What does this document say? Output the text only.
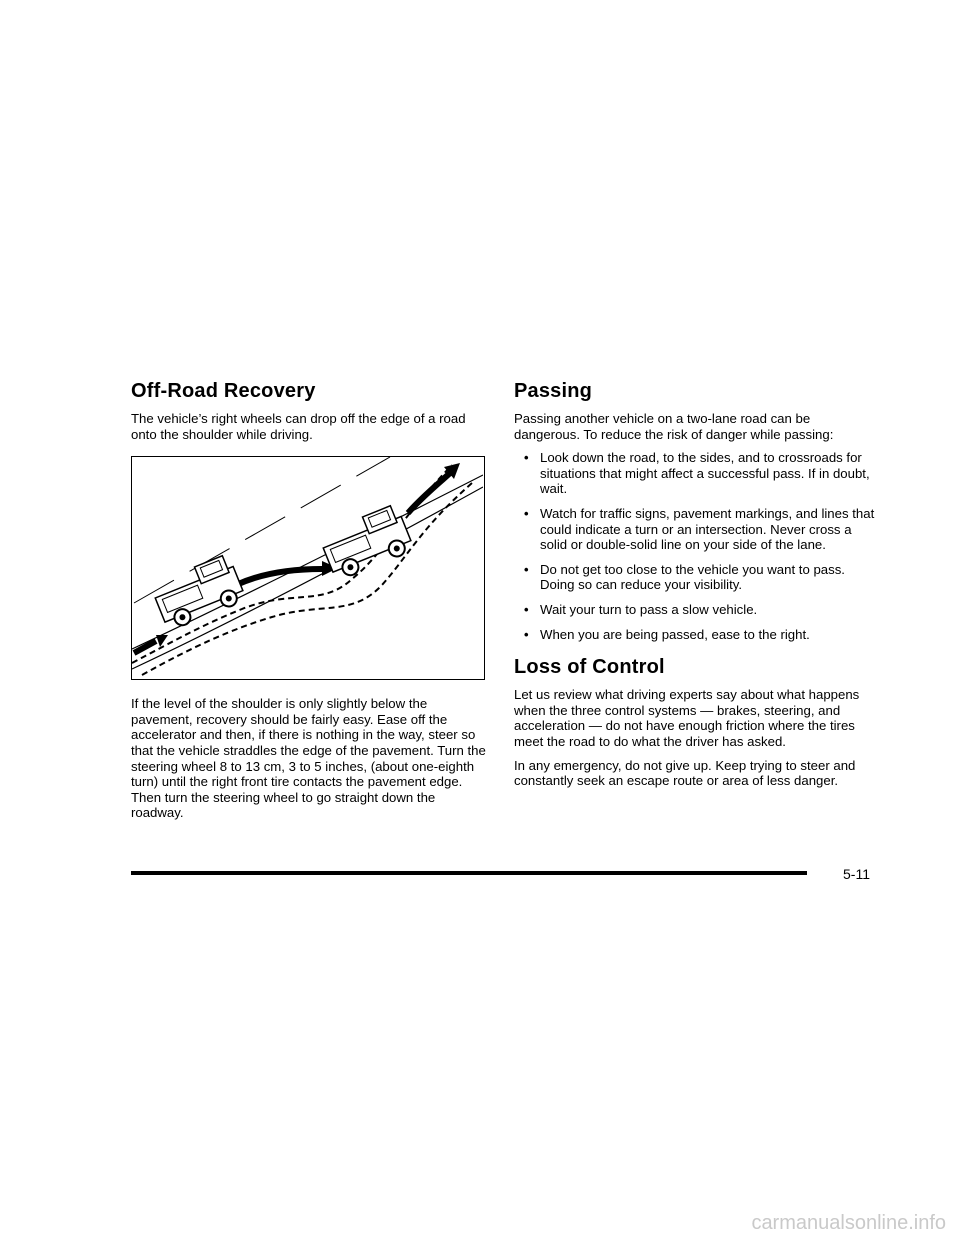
Off-Road Recovery

The vehicle’s right wheels can drop off the edge of a road onto the shoulder while driving.

If the level of the shoulder is only slightly below the pavement, recovery should be fairly easy. Ease off the accelerator and then, if there is nothing in the way, steer so that the vehicle straddles the edge of the pavement. Turn the steering wheel 8 to 13 cm, 3 to 5 inches, (about one-eighth turn) until the right front tire contacts the pavement edge. Then turn the steering wheel to go straight down the roadway.

Passing

Passing another vehicle on a two-lane road can be dangerous. To reduce the risk of danger while passing:

• Look down the road, to the sides, and to crossroads for situations that might affect a successful pass. If in doubt, wait.
• Watch for traffic signs, pavement markings, and lines that could indicate a turn or an intersection. Never cross a solid or double-solid line on your side of the lane.
• Do not get too close to the vehicle you want to pass. Doing so can reduce your visibility.
• Wait your turn to pass a slow vehicle.
• When you are being passed, ease to the right.
Loss of Control

Let us review what driving experts say about what happens when the three control systems — brakes, steering, and acceleration — do not have enough friction where the tires meet the road to do what the driver has asked.

In any emergency, do not give up. Keep trying to steer and constantly seek an escape route or area of less danger.

5-11
carmanualsonline.info
